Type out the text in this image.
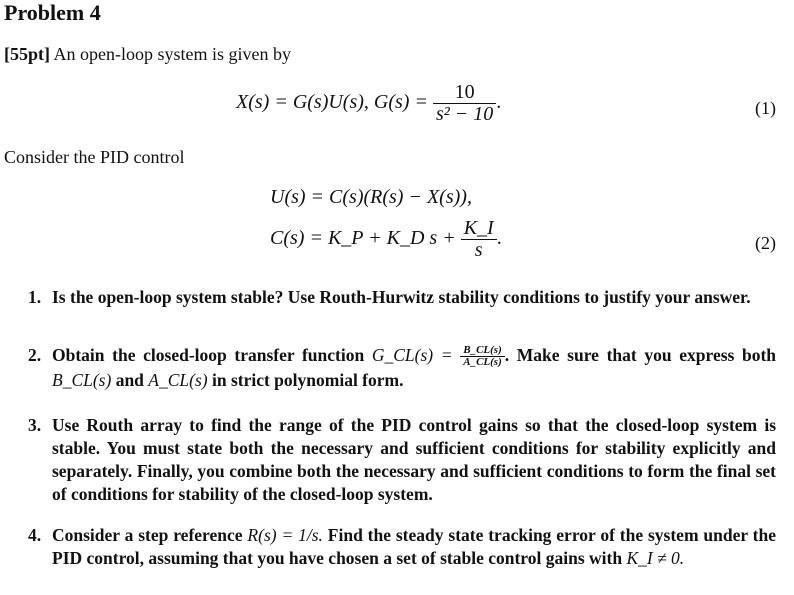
Problem 4
[55pt] An open-loop system is given by
X(s) = G(s)U(s), $G(s) = \frac{10}{\text{s² − 10}}$ .	(1)
Consider the PID control
U(s) = C(s)(R(s) − X(s)),
C(s) = K_P + K_D $s + \frac{K\_I}{s}$ .	(2)
1. Is the open-loop system stable? Use Routh-Hurwitz stability conditions to justify your answer.
2. Obtain the closed-loop transfer function G_CL(s) = $\frac{B\_CL(s)}{A\_CL(s)}$ . Make sure that you express both B_CL(s) and A_CL(s) in strict polynomial form.
3. Use Routh array to find the range of the PID control gains so that the closed-loop system is stable. You must state both the necessary and sufficient conditions for stability explicitly and separately. Finally, you combine both the necessary and sufficient conditions to form the final set of conditions for stability of the closed-loop system.
4. Consider a step reference R(s) = 1/s. Find the steady state tracking error of the system under the PID control, assuming that you have chosen a set of stable control gains with K_I ≠ 0.
